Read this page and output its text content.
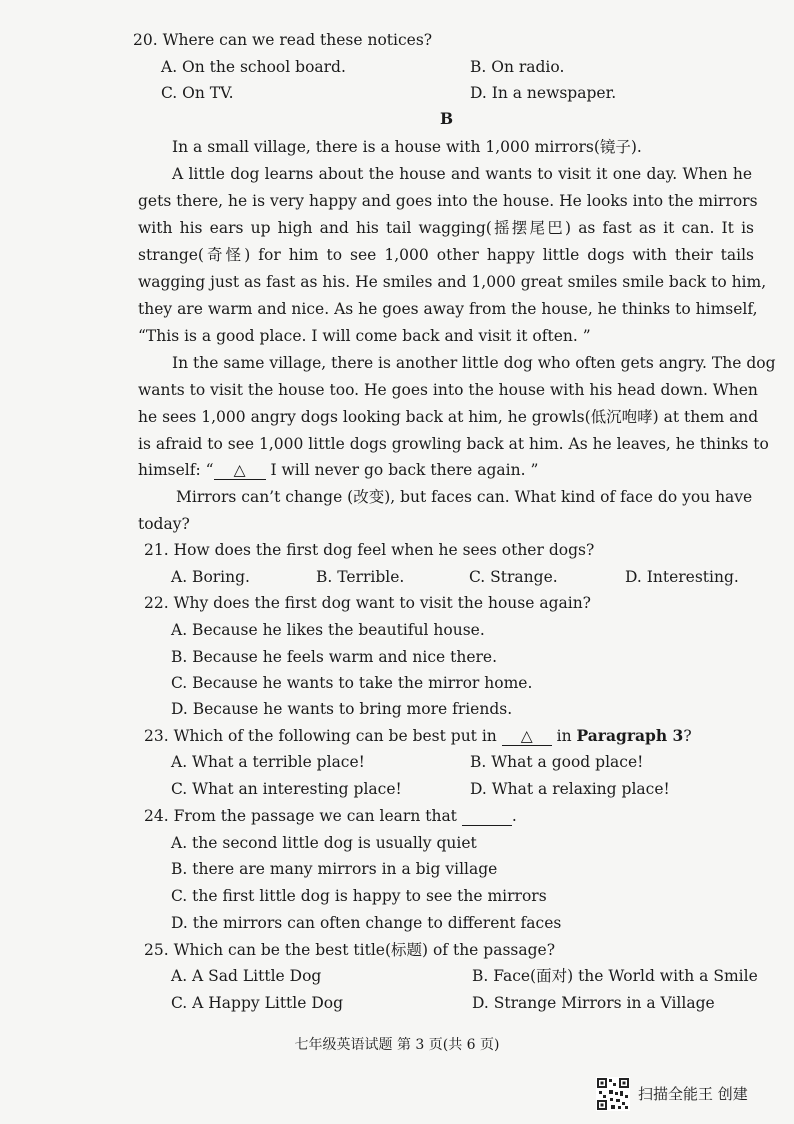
20. Where can we read these notices?
A. On the school board.	B. On radio.
C. On TV.	D. In a newspaper.
B
In a small village, there is a house with 1,000 mirrors(镜子).
A little dog learns about the house and wants to visit it one day. When he
gets there, he is very happy and goes into the house. He looks into the mirrors
with his ears up high and his tail wagging(摇摆尾巴) as fast as it can. It is
strange(奇怪) for him to see 1,000 other happy little dogs with their tails
wagging just as fast as his. He smiles and 1,000 great smiles smile back to him,
they are warm and nice. As he goes away from the house, he thinks to himself,
“This is a good place. I will come back and visit it often. ”
In the same village, there is another little dog who often gets angry. The dog
wants to visit the house too. He goes into the house with his head down. When
he sees 1,000 angry dogs looking back at him, he growls(低沉咆哮) at them and
is afraid to see 1,000 little dogs growling back at him. As he leaves, he thinks to
himself: “ △ I will never go back there again. ”
Mirrors can’t change (改变), but faces can. What kind of face do you have
today?
21. How does the first dog feel when he sees other dogs?
A. Boring.	B. Terrible.	C. Strange.	D. Interesting.
22. Why does the first dog want to visit the house again?
A. Because he likes the beautiful house.
B. Because he feels warm and nice there.
C. Because he wants to take the mirror home.
D. Because he wants to bring more friends.
23. Which of the following can be best put in △ in Paragraph 3?
A. What a terrible place!	B. What a good place!
C. What an interesting place!	D. What a relaxing place!
24. From the passage we can learn that	.
A. the second little dog is usually quiet
B. there are many mirrors in a big village
C. the first little dog is happy to see the mirrors
D. the mirrors can often change to different faces
25. Which can be the best title(标题) of the passage?
A. A Sad Little Dog	B. Face(面对) the World with a Smile
C. A Happy Little Dog	D. Strange Mirrors in a Village
七年级英语试题 第 3 页(共 6 页)
扫描全能王 创建
